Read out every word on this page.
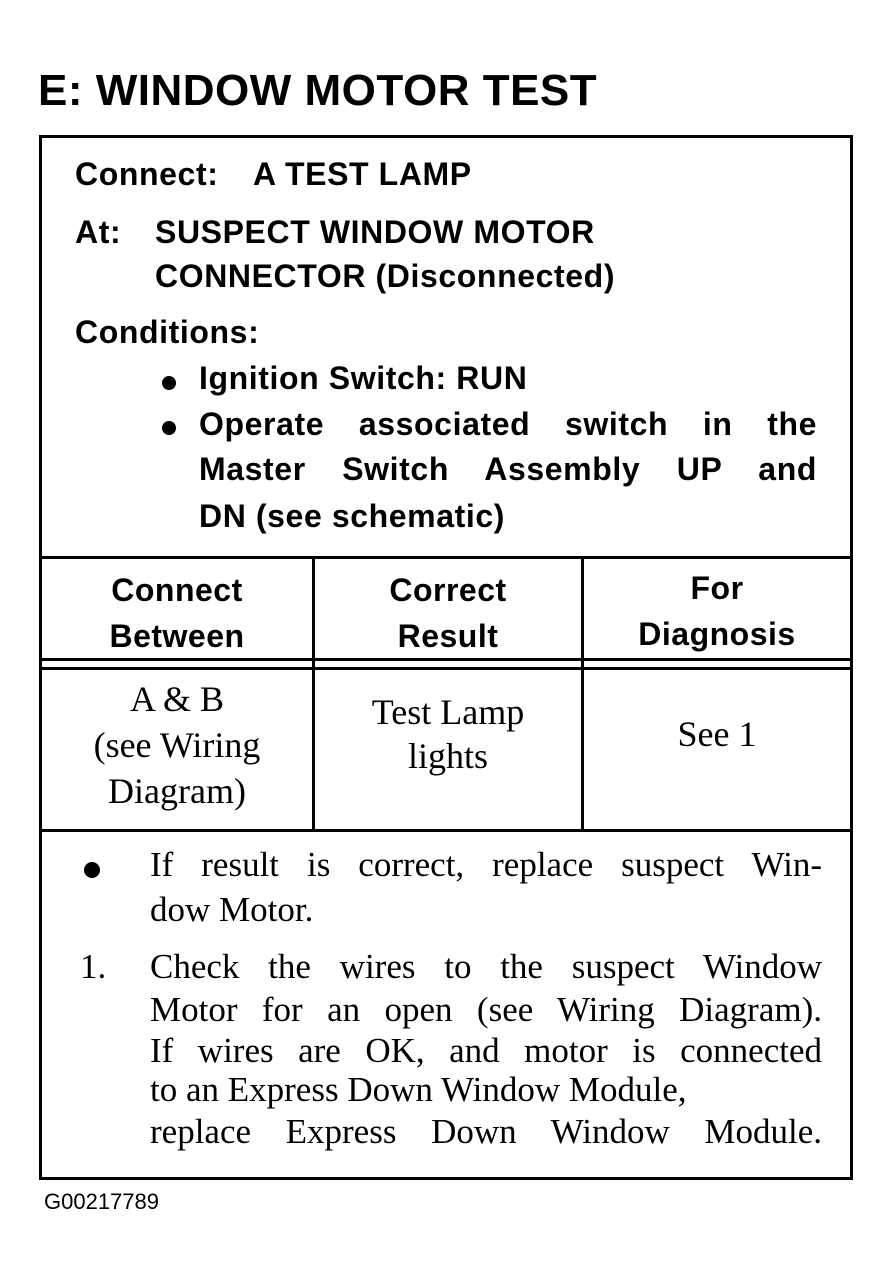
E: WINDOW MOTOR TEST
Connect: A TEST LAMP
At: SUSPECT WINDOW MOTOR
CONNECTOR (Disconnected)
Conditions:
Ignition Switch: RUN
Operate associated switch in the
Master Switch Assembly UP and
DN (see schematic)
Connect
Between
Correct
Result
For
Diagnosis
A & B
(see Wiring
Diagram)
Test Lamp
lights
See 1
If result is correct, replace suspect Win-
dow Motor.
1. Check the wires to the suspect Window
Motor for an open (see Wiring Diagram).
If wires are OK, and motor is connected
to an Express Down Window Module,
replace Express Down Window Module.
G00217789
